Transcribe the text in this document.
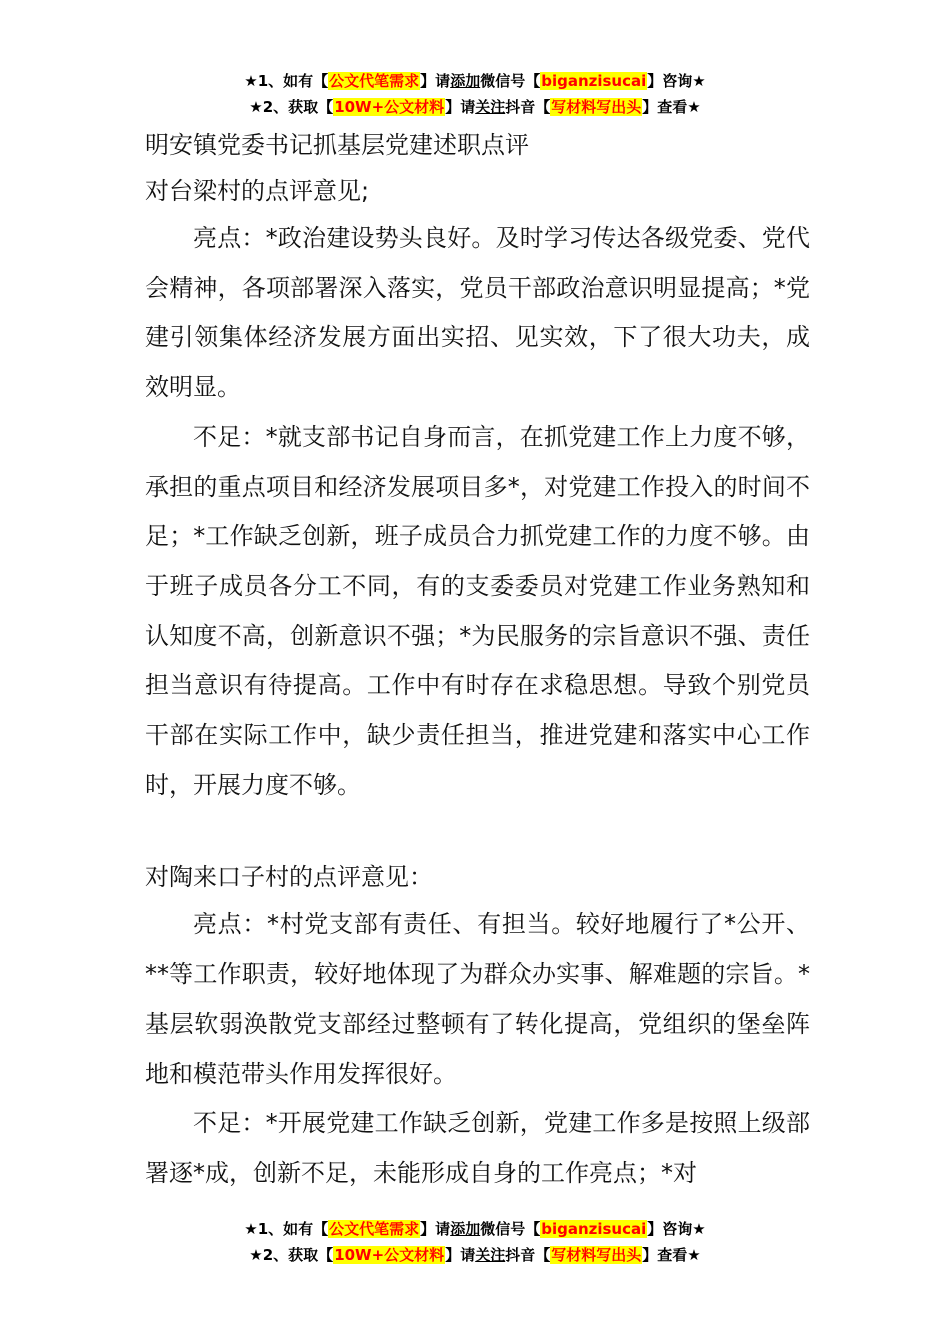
★1、如有【公文代笔需求】请添加微信号【biganzisucai】咨询★
★2、获取【10W+公文材料】请关注抖音【写材料写出头】查看★
明安镇党委书记抓基层党建述职点评
对台梁村的点评意见;

亮点：*政治建设势头良好。及时学习传达各级党委、党代会精神，各项部署深入落实，党员干部政治意识明显提高；*党建引领集体经济发展方面出实招、见实效，下了很大功夫，成效明显。

不足：*就支部书记自身而言，在抓党建工作上力度不够，承担的重点项目和经济发展项目多*，对党建工作投入的时间不足；*工作缺乏创新，班子成员合力抓党建工作的力度不够。由于班子成员各分工不同，有的支委委员对党建工作业务熟知和认知度不高，创新意识不强；*为民服务的宗旨意识不强、责任担当意识有待提高。工作中有时存在求稳思想。导致个别党员干部在实际工作中，缺少责任担当，推进党建和落实中心工作时，开展力度不够。

对陶来口子村的点评意见：

亮点：*村党支部有责任、有担当。较好地履行了*公开、**等工作职责，较好地体现了为群众办实事、解难题的宗旨。*基层软弱涣散党支部经过整顿有了转化提高，党组织的堡垒阵地和模范带头作用发挥很好。

不足：*开展党建工作缺乏创新，党建工作多是按照上级部署逐*成，创新不足，未能形成自身的工作亮点；*对

★1、如有【公文代笔需求】请添加微信号【biganzisucai】咨询★
★2、获取【10W+公文材料】请关注抖音【写材料写出头】查看★
